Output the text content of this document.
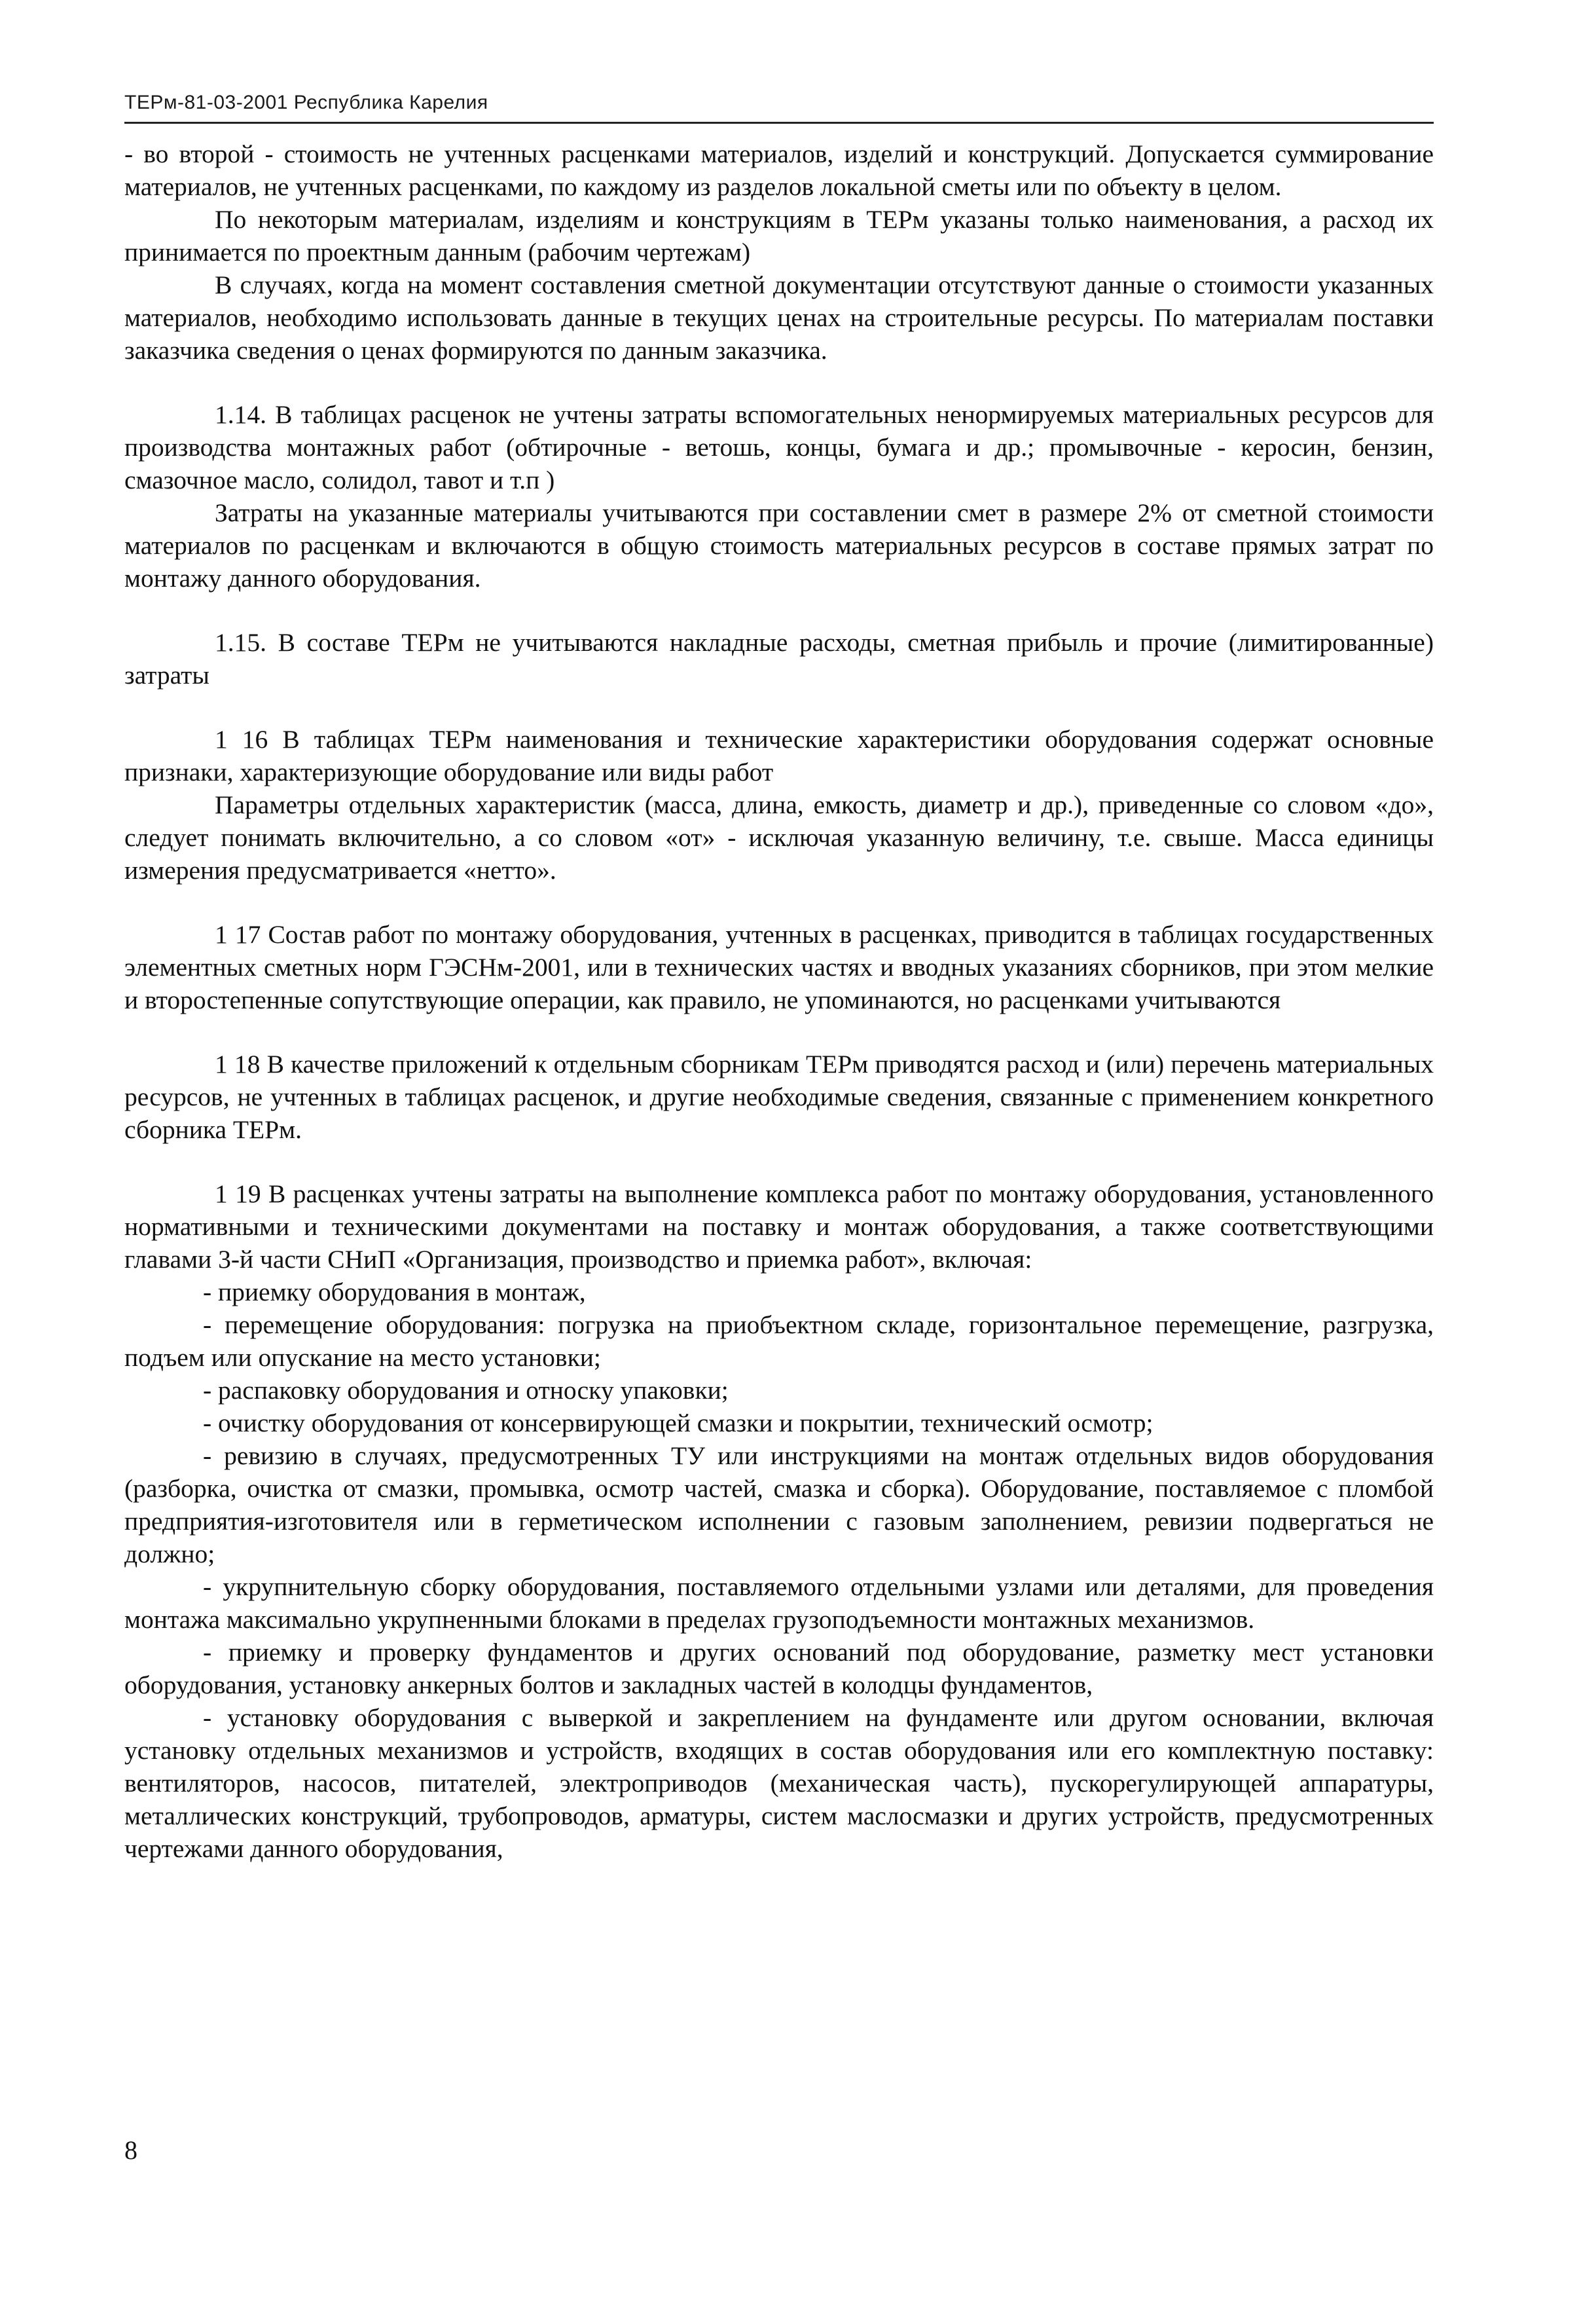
ТЕРм-81-03-2001 Республика Карелия

- во второй - стоимость не учтенных расценками материалов, изделий и конструкций. Допускается суммирование материалов, не учтенных расценками, по каждому из разделов локальной сметы или по объекту в целом.

По некоторым материалам, изделиям и конструкциям в ТЕРм указаны только наименования, а расход их принимается по проектным данным (рабочим чертежам)

В случаях, когда на момент составления сметной документации отсутствуют данные о стоимости указанных материалов, необходимо использовать данные в текущих ценах на строительные ресурсы. По материалам поставки заказчика сведения о ценах формируются по данным заказчика.

1.14. В таблицах расценок не учтены затраты вспомогательных ненормируемых материальных ресурсов для производства монтажных работ (обтирочные - ветошь, концы, бумага и др.; промывочные - керосин, бензин, смазочное масло, солидол, тавот и т.п )

Затраты на указанные материалы учитываются при составлении смет в размере 2% от сметной стоимости материалов по расценкам и включаются в общую стоимость материальных ресурсов в составе прямых затрат по монтажу данного оборудования.

1.15. В составе ТЕРм не учитываются накладные расходы, сметная прибыль и прочие (лимитированные) затраты

1 16 В таблицах ТЕРм наименования и технические характеристики оборудования содержат основные признаки, характеризующие оборудование или виды работ

Параметры отдельных характеристик (масса, длина, емкость, диаметр и др.), приведенные со словом «до», следует понимать включительно, а со словом «от» - исключая указанную величину, т.е. свыше. Масса единицы измерения предусматривается «нетто».

1 17 Состав работ по монтажу оборудования, учтенных в расценках, приводится в таблицах государственных элементных сметных норм ГЭСНм-2001, или в технических частях и вводных указаниях сборников, при этом мелкие и второстепенные сопутствующие операции, как правило, не упоминаются, но расценками учитываются

1 18 В качестве приложений к отдельным сборникам ТЕРм приводятся расход и (или) перечень материальных ресурсов, не учтенных в таблицах расценок, и другие необходимые сведения, связанные с применением конкретного сборника ТЕРм.

1 19 В расценках учтены затраты на выполнение комплекса работ по монтажу оборудования, установленного нормативными и техническими документами на поставку и монтаж оборудования, а также соответствующими главами 3-й части СНиП «Организация, производство и приемка работ», включая:

- приемку оборудования в монтаж,

- перемещение оборудования: погрузка на приобъектном складе, горизонтальное перемещение, разгрузка, подъем или опускание на место установки;

- распаковку оборудования и относку упаковки;

- очистку оборудования от консервирующей смазки и покрытии, технический осмотр;

- ревизию в случаях, предусмотренных ТУ или инструкциями на монтаж отдельных видов оборудования (разборка, очистка от смазки, промывка, осмотр частей, смазка и сборка). Оборудование, поставляемое с пломбой предприятия-изготовителя или в герметическом исполнении с газовым заполнением, ревизии подвергаться не должно;

- укрупнительную сборку оборудования, поставляемого отдельными узлами или деталями, для проведения монтажа максимально укрупненными блоками в пределах грузоподъемности монтажных механизмов.

- приемку и проверку фундаментов и других оснований под оборудование, разметку мест установки оборудования, установку анкерных болтов и закладных частей в колодцы фундаментов,

- установку оборудования с выверкой и закреплением на фундаменте или другом основании, включая установку отдельных механизмов и устройств, входящих в состав оборудования или его комплектную поставку: вентиляторов, насосов, питателей, электроприводов (механическая часть), пускорегулирующей аппаратуры, металлических конструкций, трубопроводов, арматуры, систем маслосмазки и других устройств, предусмотренных чертежами данного оборудования,

8
